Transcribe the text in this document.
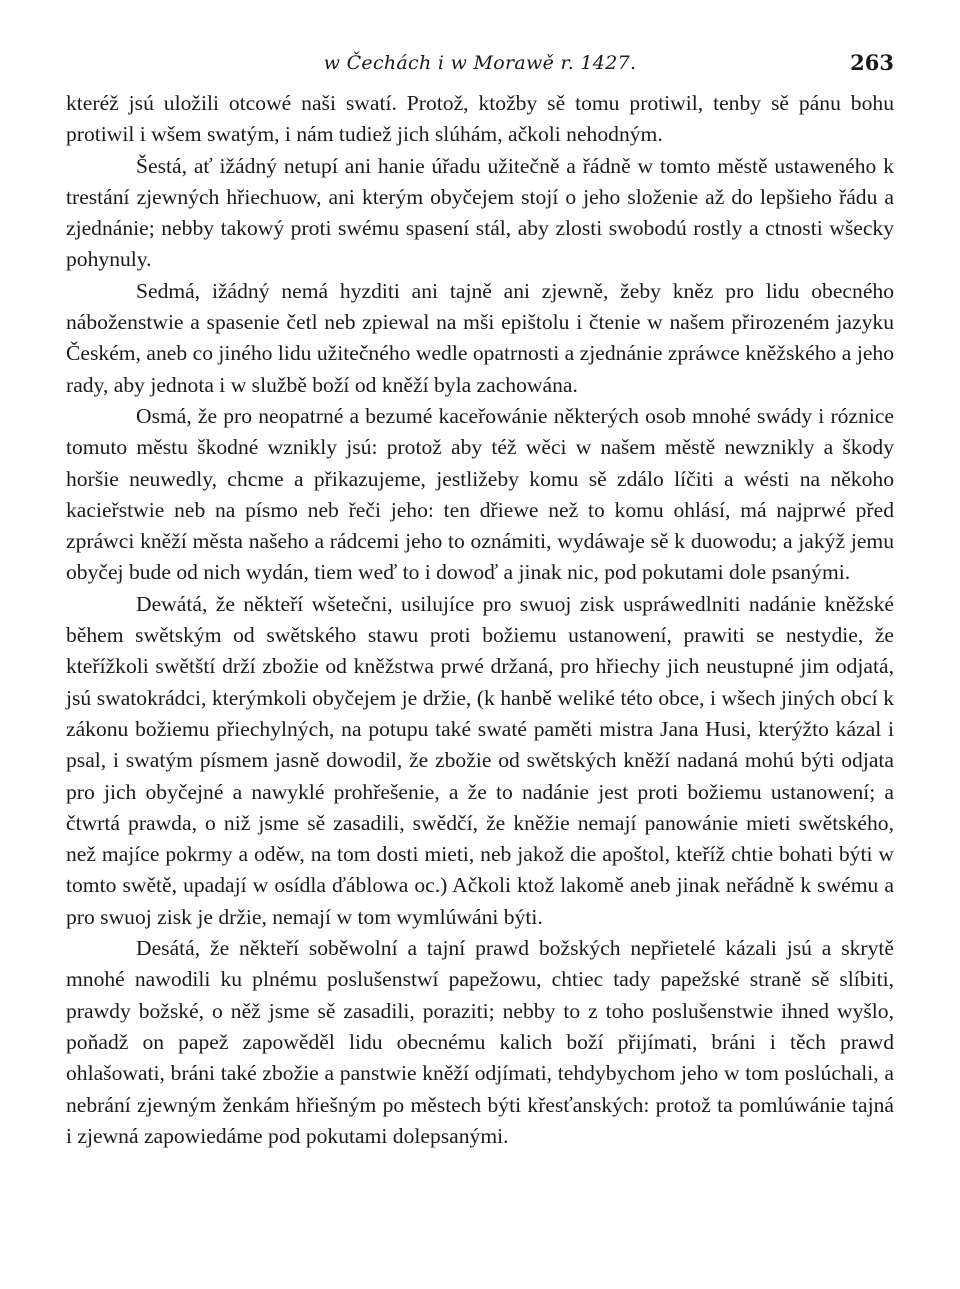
w Čechách i w Morawě r. 1427.	263

kteréž jsú uložili otcowé naši swatí. Protož, ktožby sě tomu protiwil, tenby sě pánu bohu protiwil i wšem swatým, i nám tudiež jich slúhám, ačkoli nehodným.

Šestá, ať ižádný netupí ani hanie úřadu užitečně a řádně w tomto městě ustaweného k trestání zjewných hřiechuow, ani kterým obyčejem stojí o jeho složenie až do lepšieho řádu a zjednánie; nebby takowý proti swému spasení stál, aby zlosti swobodú rostly a ctnosti wšecky pohynuly.

Sedmá, ižádný nemá hyzditi ani tajně ani zjewně, žeby kněz pro lidu obecného náboženstwie a spasenie četl neb zpiewal na mši epištolu i čtenie w našem přirozeném jazyku Českém, aneb co jiného lidu užitečného wedle opatrnosti a zjednánie zpráwce kněžského a jeho rady, aby jednota i w službě boží od kněží byla zachowána.

Osmá, že pro neopatrné a bezumé kaceřowánie některých osob mnohé swády i róznice tomuto městu škodné wznikly jsú: protož aby též wěci w našem městě newznikly a škody horšie neuwedly, chcme a přikazujeme, jestližeby komu sě zdálo líčiti a wésti na někoho kacieřstwie neb na písmo neb řeči jeho: ten dřiewe než to komu ohlásí, má najprwé před zpráwci kněží města našeho a rádcemi jeho to oznámiti, wydáwaje sě k duowodu; a jakýž jemu obyčej bude od nich wydán, tiem weď to i dowoď a jinak nic, pod pokutami dole psanými.

Dewátá, že někteří wšetečni, usilujíce pro swuoj zisk uspráwedlniti nadánie kněžské během swětským od swětského stawu proti božiemu ustanowení, prawiti se nestydie, že kteřížkoli swětští drží zbožie od kněžstwa prwé držaná, pro hřiechy jich neustupné jim odjatá, jsú swatokrádci, kterýmkoli obyčejem je držie, (k hanbě weliké této obce, i wšech jiných obcí k zákonu božiemu přiechylných, na potupu také swaté paměti mistra Jana Husi, kterýžto kázal i psal, i swatým písmem jasně dowodil, že zbožie od swětských kněží nadaná mohú býti odjata pro jich obyčejné a nawyklé prohřešenie, a že to nadánie jest proti božiemu ustanowení; a čtwrtá prawda, o niž jsme sě zasadili, swědčí, že kněžie nemají panowánie mieti swětského, než majíce pokrmy a oděw, na tom dosti mieti, neb jakož die apoštol, kteříž chtie bohati býti w tomto swětě, upadají w osídla ďáblowa oc.) Ačkoli ktož lakomě aneb jinak neřádně k swému a pro swuoj zisk je držie, nemají w tom wymlúwáni býti.

Desátá, že někteří soběwolní a tajní prawd božských nepřietelé kázali jsú a skrytě mnohé nawodili ku plnému poslušenstwí papežowu, chtiec tady papežské straně sě slíbiti, prawdy božské, o něž jsme sě zasadili, poraziti; nebby to z toho poslušenstwie ihned wyšlo, poňadž on papež zapowěděl lidu obecnému kalich boží přijímati, bráni i těch prawd ohlašowati, bráni také zbožie a panstwie kněží odjímati, tehdybychom jeho w tom poslúchali, a nebrání zjewným ženkám hřiešným po městech býti křesťanských: protož ta pomlúwánie tajná i zjewná zapowiedáme pod pokutami dolepsanými.
